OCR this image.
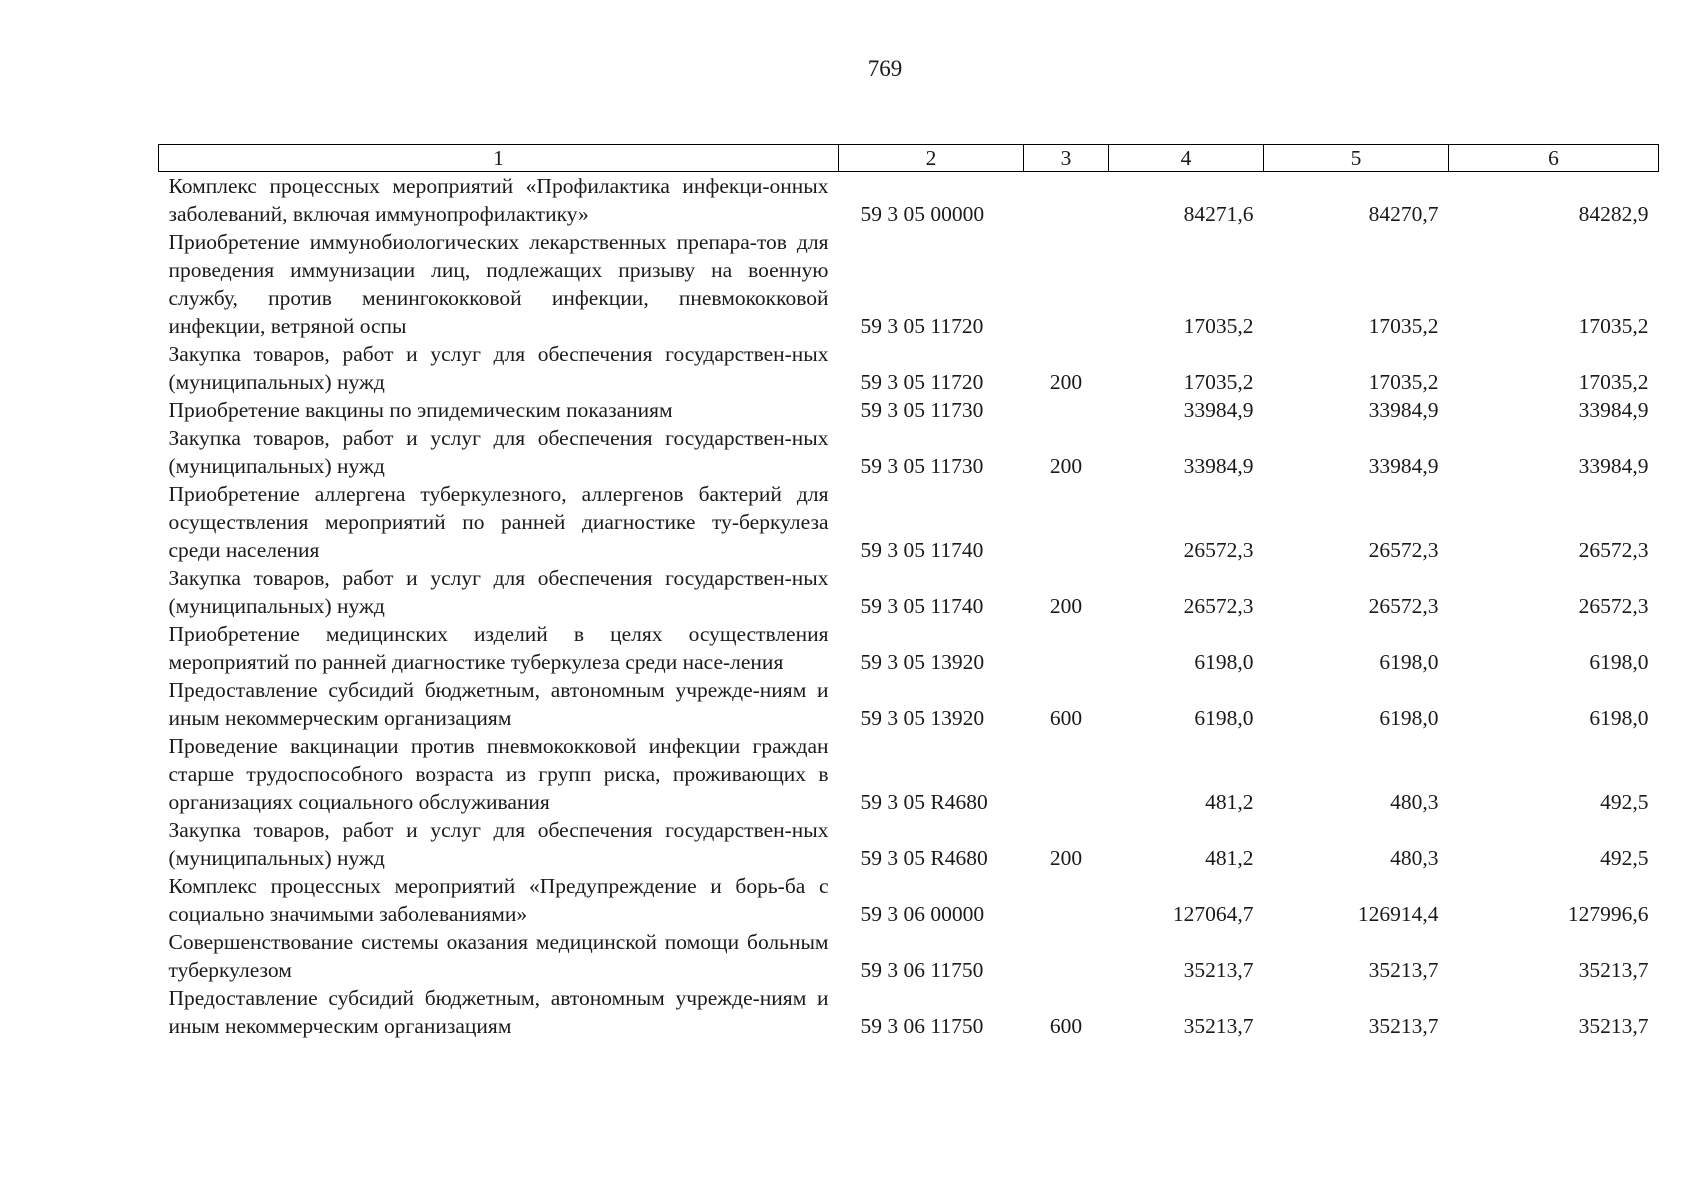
769
1	2	3	4	5	6
Комплекс процессных мероприятий «Профилактика инфекци-онных заболеваний, включая иммунопрофилактику»	59 3 05 00000		84271,6	84270,7	84282,9
Приобретение иммунобиологических лекарственных препара-тов для проведения иммунизации лиц, подлежащих призыву на военную службу, против менингококковой инфекции, пневмококковой инфекции, ветряной оспы	59 3 05 11720		17035,2	17035,2	17035,2
Закупка товаров, работ и услуг для обеспечения государствен-ных (муниципальных) нужд	59 3 05 11720	200	17035,2	17035,2	17035,2
Приобретение вакцины по эпидемическим показаниям	59 3 05 11730		33984,9	33984,9	33984,9
Закупка товаров, работ и услуг для обеспечения государствен-ных (муниципальных) нужд	59 3 05 11730	200	33984,9	33984,9	33984,9
Приобретение аллергена туберкулезного, аллергенов бактерий для осуществления мероприятий по ранней диагностике ту-беркулеза среди населения	59 3 05 11740		26572,3	26572,3	26572,3
Закупка товаров, работ и услуг для обеспечения государствен-ных (муниципальных) нужд	59 3 05 11740	200	26572,3	26572,3	26572,3
Приобретение медицинских изделий в целях осуществления мероприятий по ранней диагностике туберкулеза среди насе-ления	59 3 05 13920		6198,0	6198,0	6198,0
Предоставление субсидий бюджетным, автономным учрежде-ниям и иным некоммерческим организациям	59 3 05 13920	600	6198,0	6198,0	6198,0
Проведение вакцинации против пневмококковой инфекции граждан старше трудоспособного возраста из групп риска, проживающих в организациях социального обслуживания	59 3 05 R4680		481,2	480,3	492,5
Закупка товаров, работ и услуг для обеспечения государствен-ных (муниципальных) нужд	59 3 05 R4680	200	481,2	480,3	492,5
Комплекс процессных мероприятий «Предупреждение и борь-ба с социально значимыми заболеваниями»	59 3 06 00000		127064,7	126914,4	127996,6
Совершенствование системы оказания медицинской помощи больным туберкулезом	59 3 06 11750		35213,7	35213,7	35213,7
Предоставление субсидий бюджетным, автономным учрежде-ниям и иным некоммерческим организациям	59 3 06 11750	600	35213,7	35213,7	35213,7
